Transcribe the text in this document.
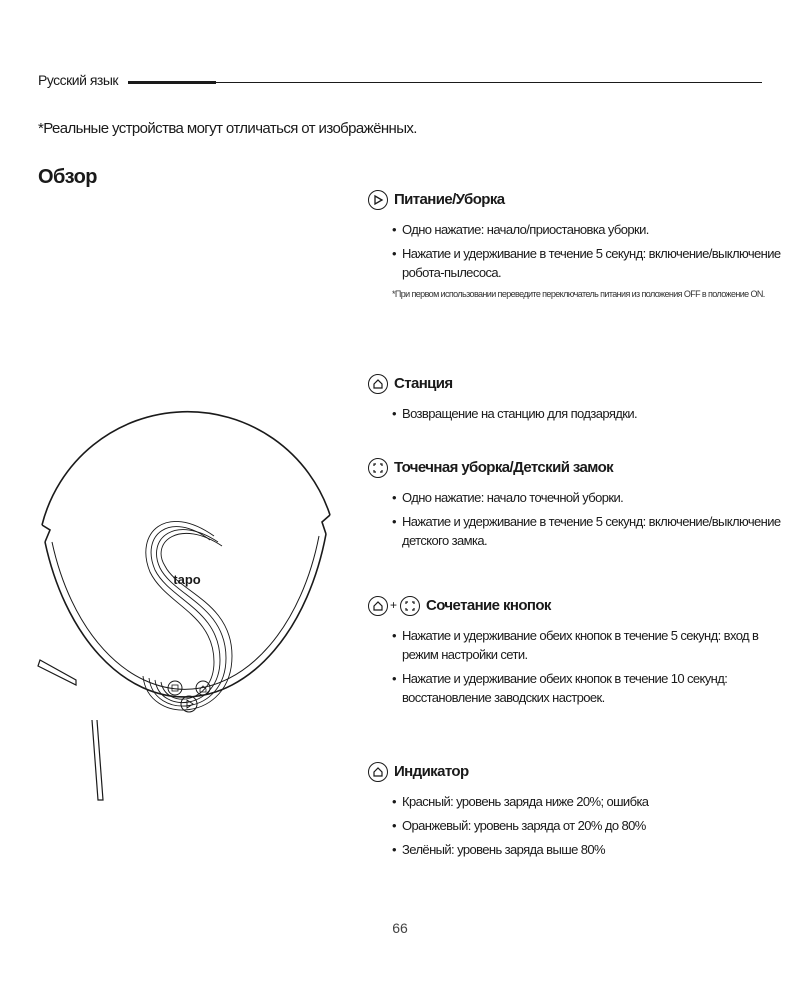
Русский язык
*Реальные устройства могут отличаться от изображённых.
Обзор
tapo
Питание/Уборка
• Одно нажатие: начало/приостановка уборки.
• Нажатие и удерживание в течение 5 секунд: включение/выключение робота-пылесоса.
*При первом использовании переведите переключатель питания из положения OFF в положение ON.
Станция
• Возвращение на станцию для подзарядки.
Точечная уборка/Детский замок
• Одно нажатие: начало точечной уборки.
• Нажатие и удерживание в течение 5 секунд: включение/выключение детского замка.
+ Сочетание кнопок
• Нажатие и удерживание обеих кнопок в течение 5 секунд: вход в режим настройки сети.
• Нажатие и удерживание обеих кнопок в течение 10 секунд: восстановление заводских настроек.
Индикатор
• Красный: уровень заряда ниже 20%; ошибка
• Оранжевый: уровень заряда от 20% до 80%
• Зелёный: уровень заряда выше 80%
66
